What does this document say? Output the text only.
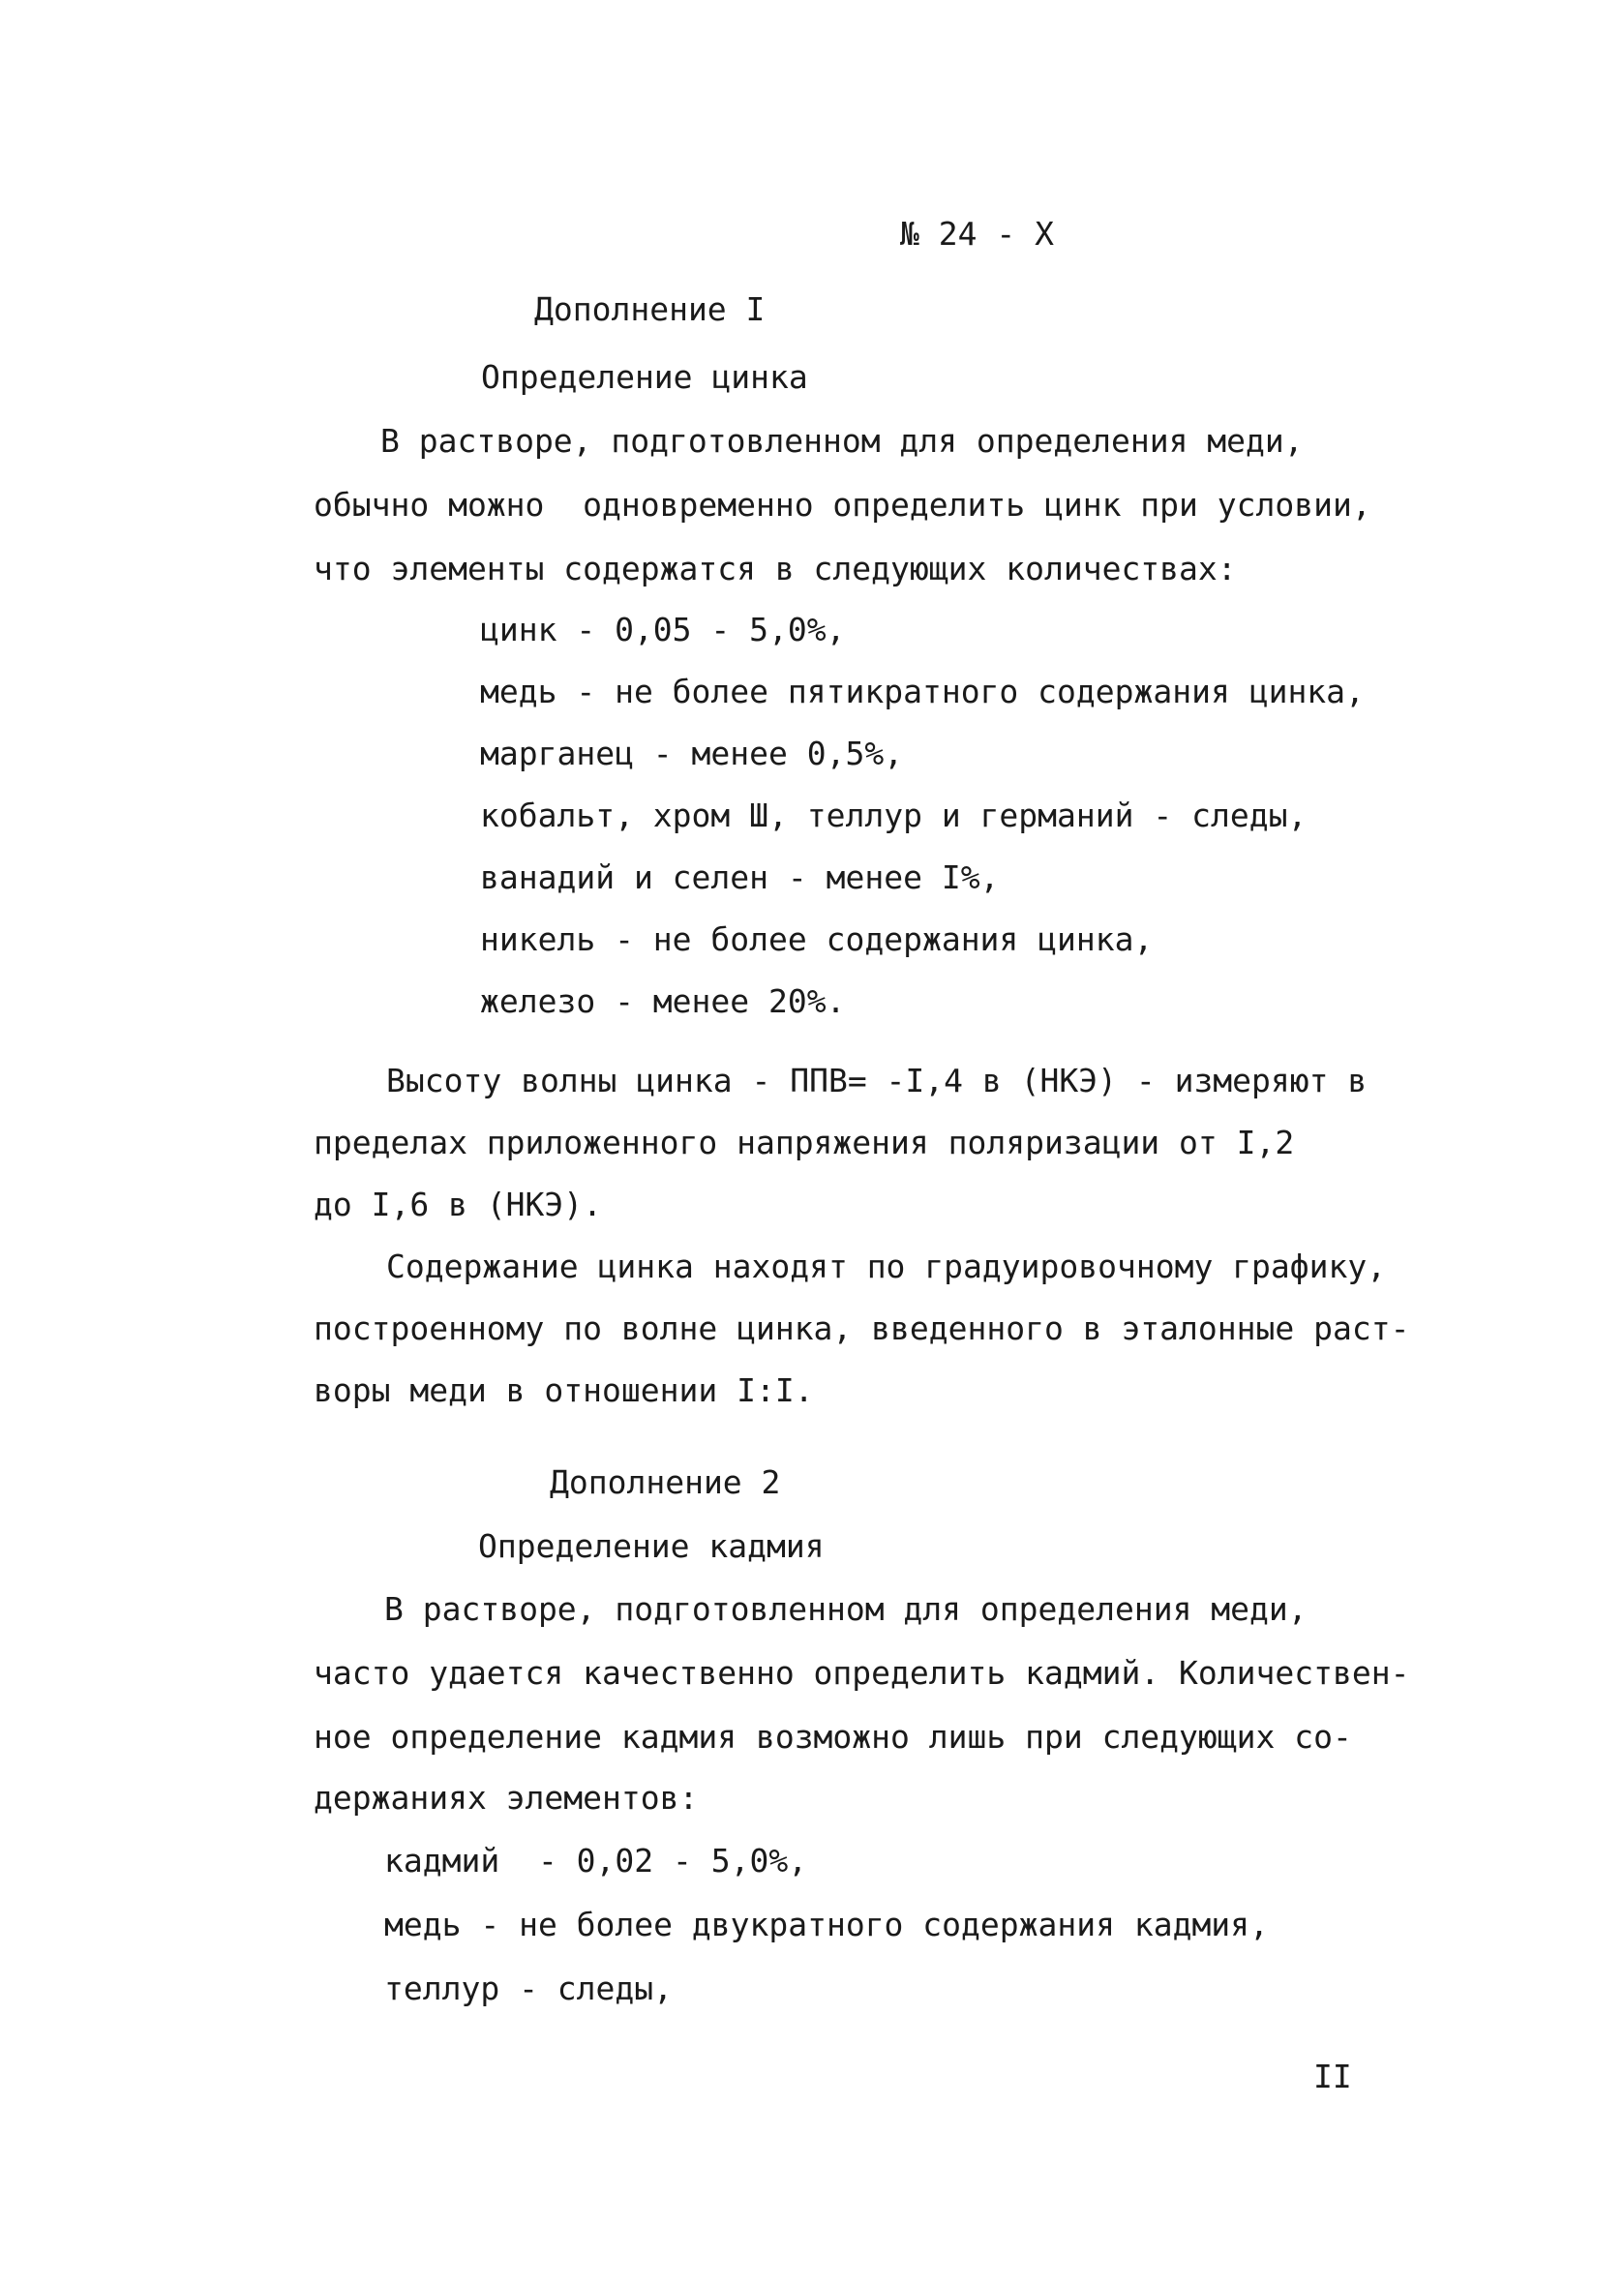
№ 24 - X
Дополнение I
Определение цинка
В растворе, подготовленном для определения меди,
обычно можно  одновременно определить цинк при условии,
что элементы содержатся в следующих количествах:
цинк - 0,05 - 5,0%,
медь - не более пятикратного содержания цинка,
марганец - менее 0,5%,
кобальт, хром Ш, теллур и германий - следы,
ванадий и селен - менее I%,
никель - не более содержания цинка,
железо - менее 20%.
Высоту волны цинка - ППВ= -I,4 в (НКЭ) - измеряют в
пределах приложенного напряжения поляризации от I,2
до I,6 в (НКЭ).
Содержание цинка находят по градуировочному графику,
построенному по волне цинка, введенного в эталонные раст-
воры меди в отношении I:I.
Дополнение 2
Определение кадмия
В растворе, подготовленном для определения меди,
часто удается качественно определить кадмий. Количествен-
ное определение кадмия возможно лишь при следующих со-
держаниях элементов:
кадмий  - 0,02 - 5,0%,
медь - не более двукратного содержания кадмия,
теллур - следы,
II
